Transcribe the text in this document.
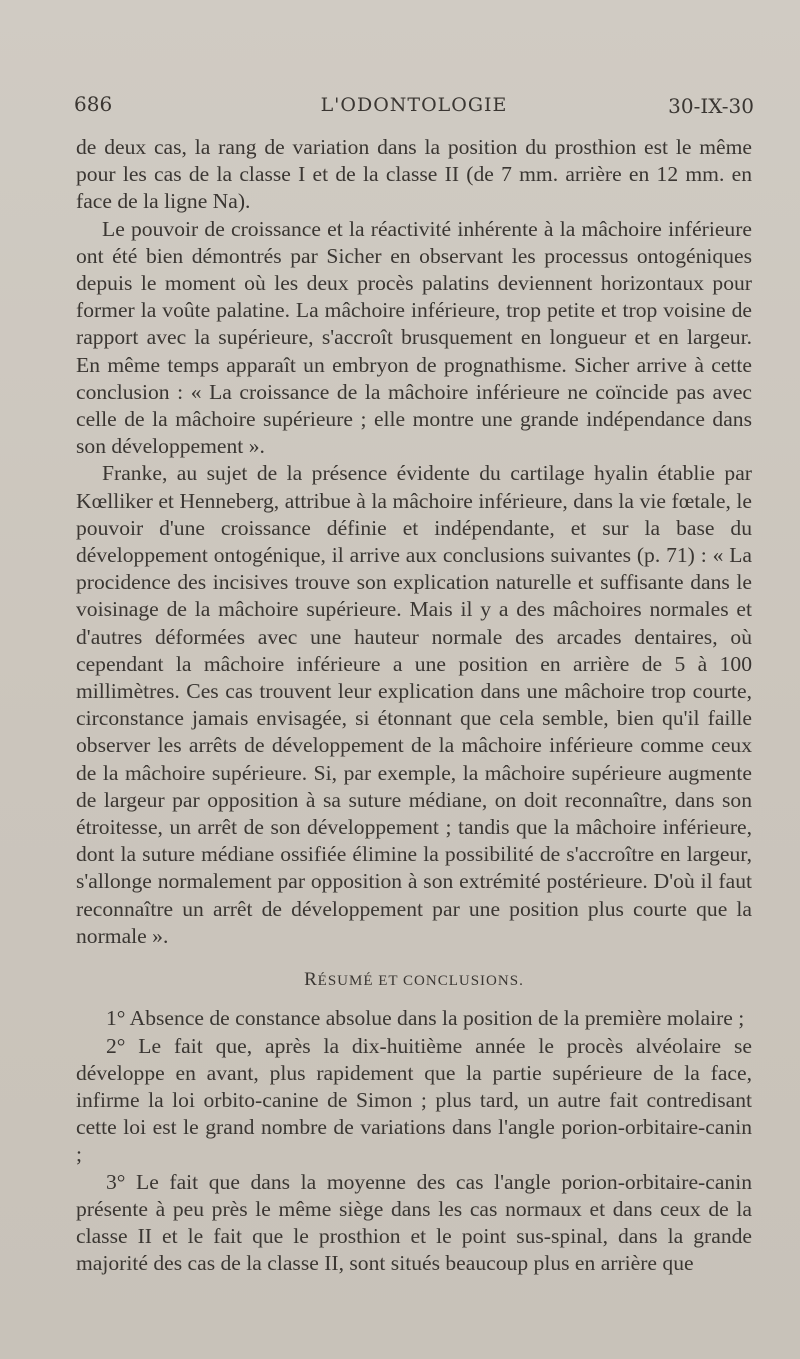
686	L'ODONTOLOGIE	30-IX-30

de deux cas, la rang de variation dans la position du prosthion est le même pour les cas de la classe I et de la classe II (de 7 mm. arrière en 12 mm. en face de la ligne Na).

Le pouvoir de croissance et la réactivité inhérente à la mâchoire inférieure ont été bien démontrés par Sicher en observant les processus ontogéniques depuis le moment où les deux procès palatins deviennent horizontaux pour former la voûte palatine. La mâchoire inférieure, trop petite et trop voisine de rapport avec la supérieure, s'accroît brusquement en longueur et en largeur. En même temps apparaît un embryon de prognathisme. Sicher arrive à cette conclusion : « La croissance de la mâchoire inférieure ne coïncide pas avec celle de la mâchoire supérieure ; elle montre une grande indépendance dans son développement ».

Franke, au sujet de la présence évidente du cartilage hyalin établie par Kœlliker et Henneberg, attribue à la mâchoire inférieure, dans la vie fœtale, le pouvoir d'une croissance définie et indépendante, et sur la base du développement ontogénique, il arrive aux conclusions suivantes (p. 71) : « La procidence des incisives trouve son explication naturelle et suffisante dans le voisinage de la mâchoire supérieure. Mais il y a des mâchoires normales et d'autres déformées avec une hauteur normale des arcades dentaires, où cependant la mâchoire inférieure a une position en arrière de 5 à 100 millimètres. Ces cas trouvent leur explication dans une mâchoire trop courte, circonstance jamais envisagée, si étonnant que cela semble, bien qu'il faille observer les arrêts de développement de la mâchoire inférieure comme ceux de la mâchoire supérieure. Si, par exemple, la mâchoire supérieure augmente de largeur par opposition à sa suture médiane, on doit reconnaître, dans son étroitesse, un arrêt de son développement ; tandis que la mâchoire inférieure, dont la suture médiane ossifiée élimine la possibilité de s'accroître en largeur, s'allonge normalement par opposition à son extrémité postérieure. D'où il faut reconnaître un arrêt de développement par une position plus courte que la normale ».

RÉSUMÉ ET CONCLUSIONS.

1° Absence de constance absolue dans la position de la première molaire ;

2° Le fait que, après la dix-huitième année le procès alvéolaire se développe en avant, plus rapidement que la partie supérieure de la face, infirme la loi orbito-canine de Simon ; plus tard, un autre fait contredisant cette loi est le grand nombre de variations dans l'angle porion-orbitaire-canin ;

3° Le fait que dans la moyenne des cas l'angle porion-orbitaire-canin présente à peu près le même siège dans les cas normaux et dans ceux de la classe II et le fait que le prosthion et le point sus-spinal, dans la grande majorité des cas de la classe II, sont situés beaucoup plus en arrière que
